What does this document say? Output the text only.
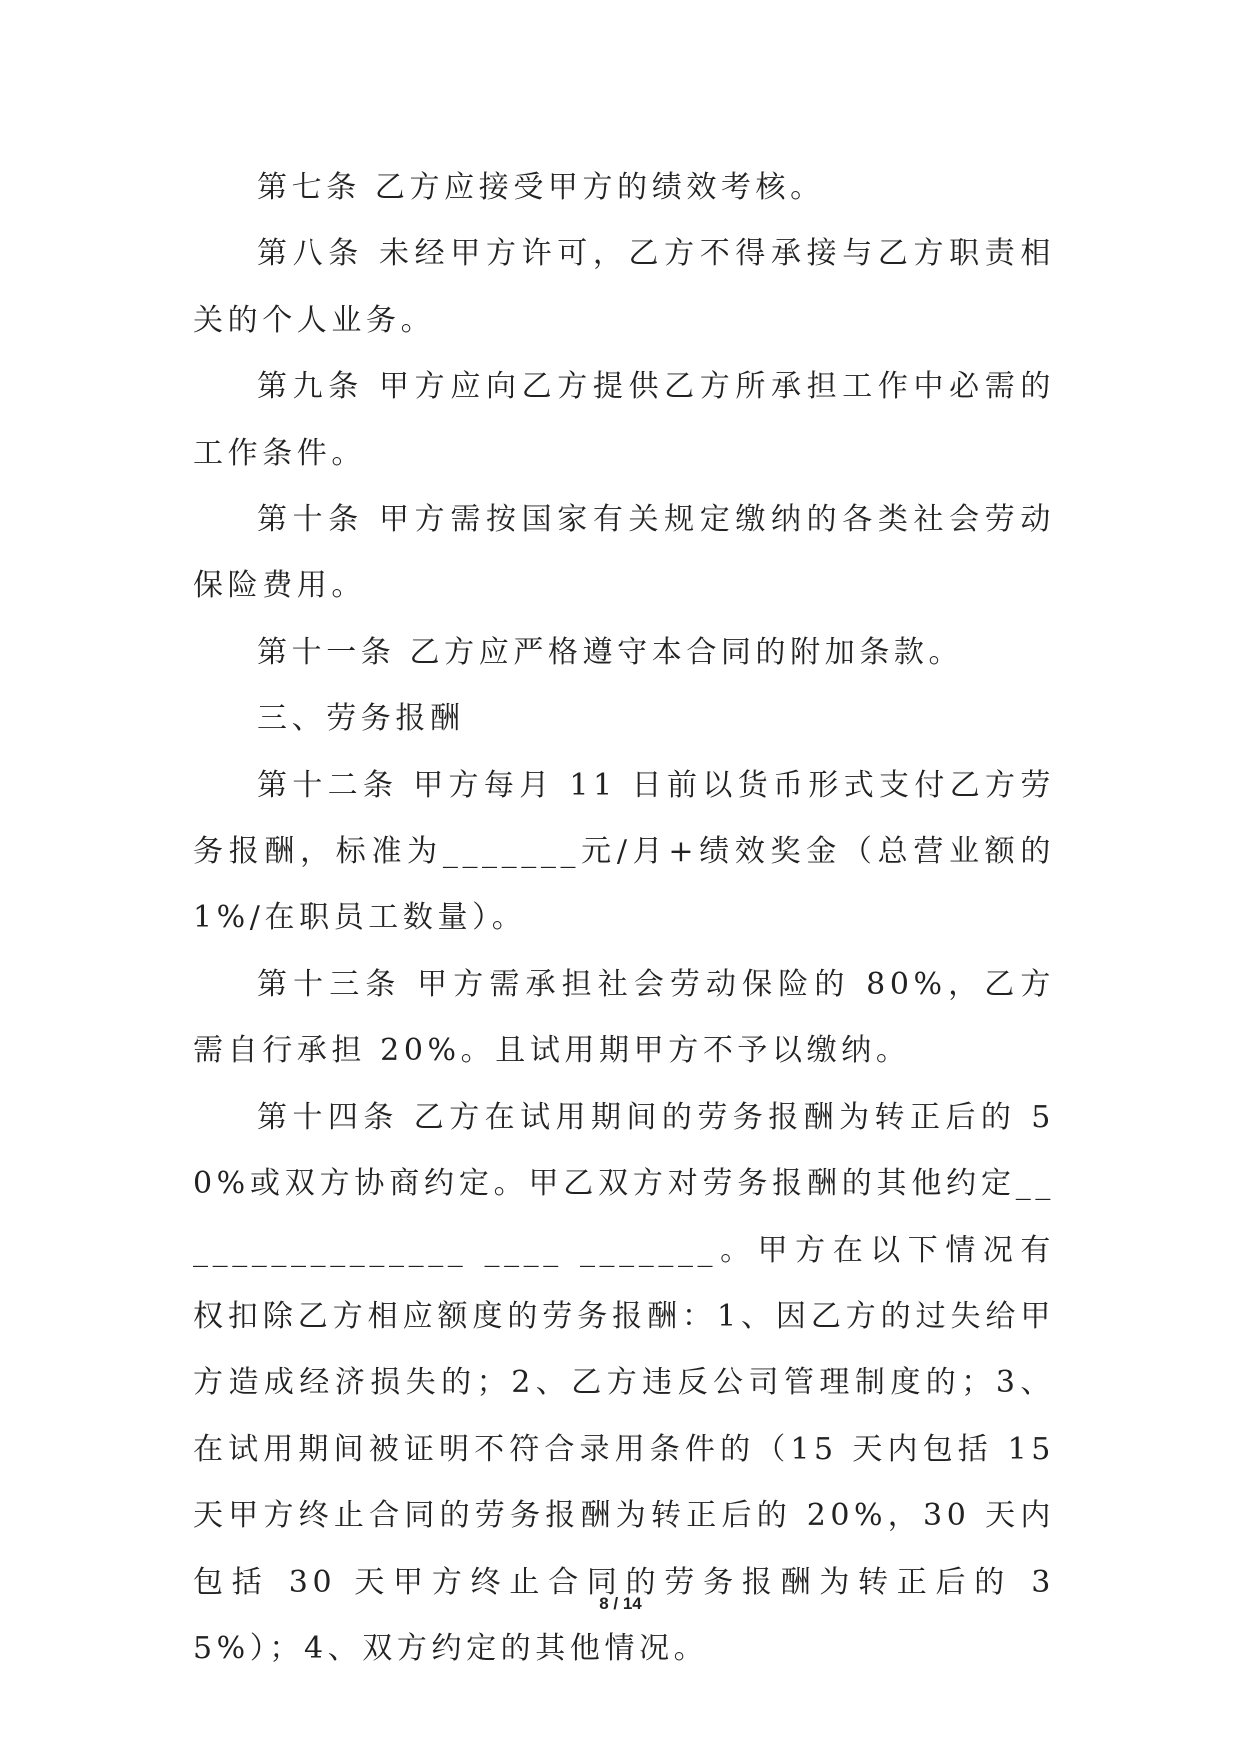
第七条 乙方应接受甲方的绩效考核。

第八条 未经甲方许可，乙方不得承接与乙方职责相关的个人业务。

第九条 甲方应向乙方提供乙方所承担工作中必需的工作条件。

第十条 甲方需按国家有关规定缴纳的各类社会劳动保险费用。

第十一条 乙方应严格遵守本合同的附加条款。

三、劳务报酬

第十二条 甲方每月 11 日前以货币形式支付乙方劳务报酬，标准为_______元/月+绩效奖金（总营业额的 1%/在职员工数量）。

第十三条 甲方需承担社会劳动保险的 80%，乙方需自行承担 20%。且试用期甲方不予以缴纳。

第十四条 乙方在试用期间的劳务报酬为转正后的 50%或双方协商约定。甲乙双方对劳务报酬的其他约定________________ ____ _______。甲方在以下情况有权扣除乙方相应额度的劳务报酬：1、因乙方的过失给甲方造成经济损失的；2、乙方违反公司管理制度的；3、在试用期间被证明不符合录用条件的（15 天内包括 15 天甲方终止合同的劳务报酬为转正后的 20%，30 天内包括 30 天甲方终止合同的劳务报酬为转正后的 35%）；4、双方约定的其他情况。

8 / 14
